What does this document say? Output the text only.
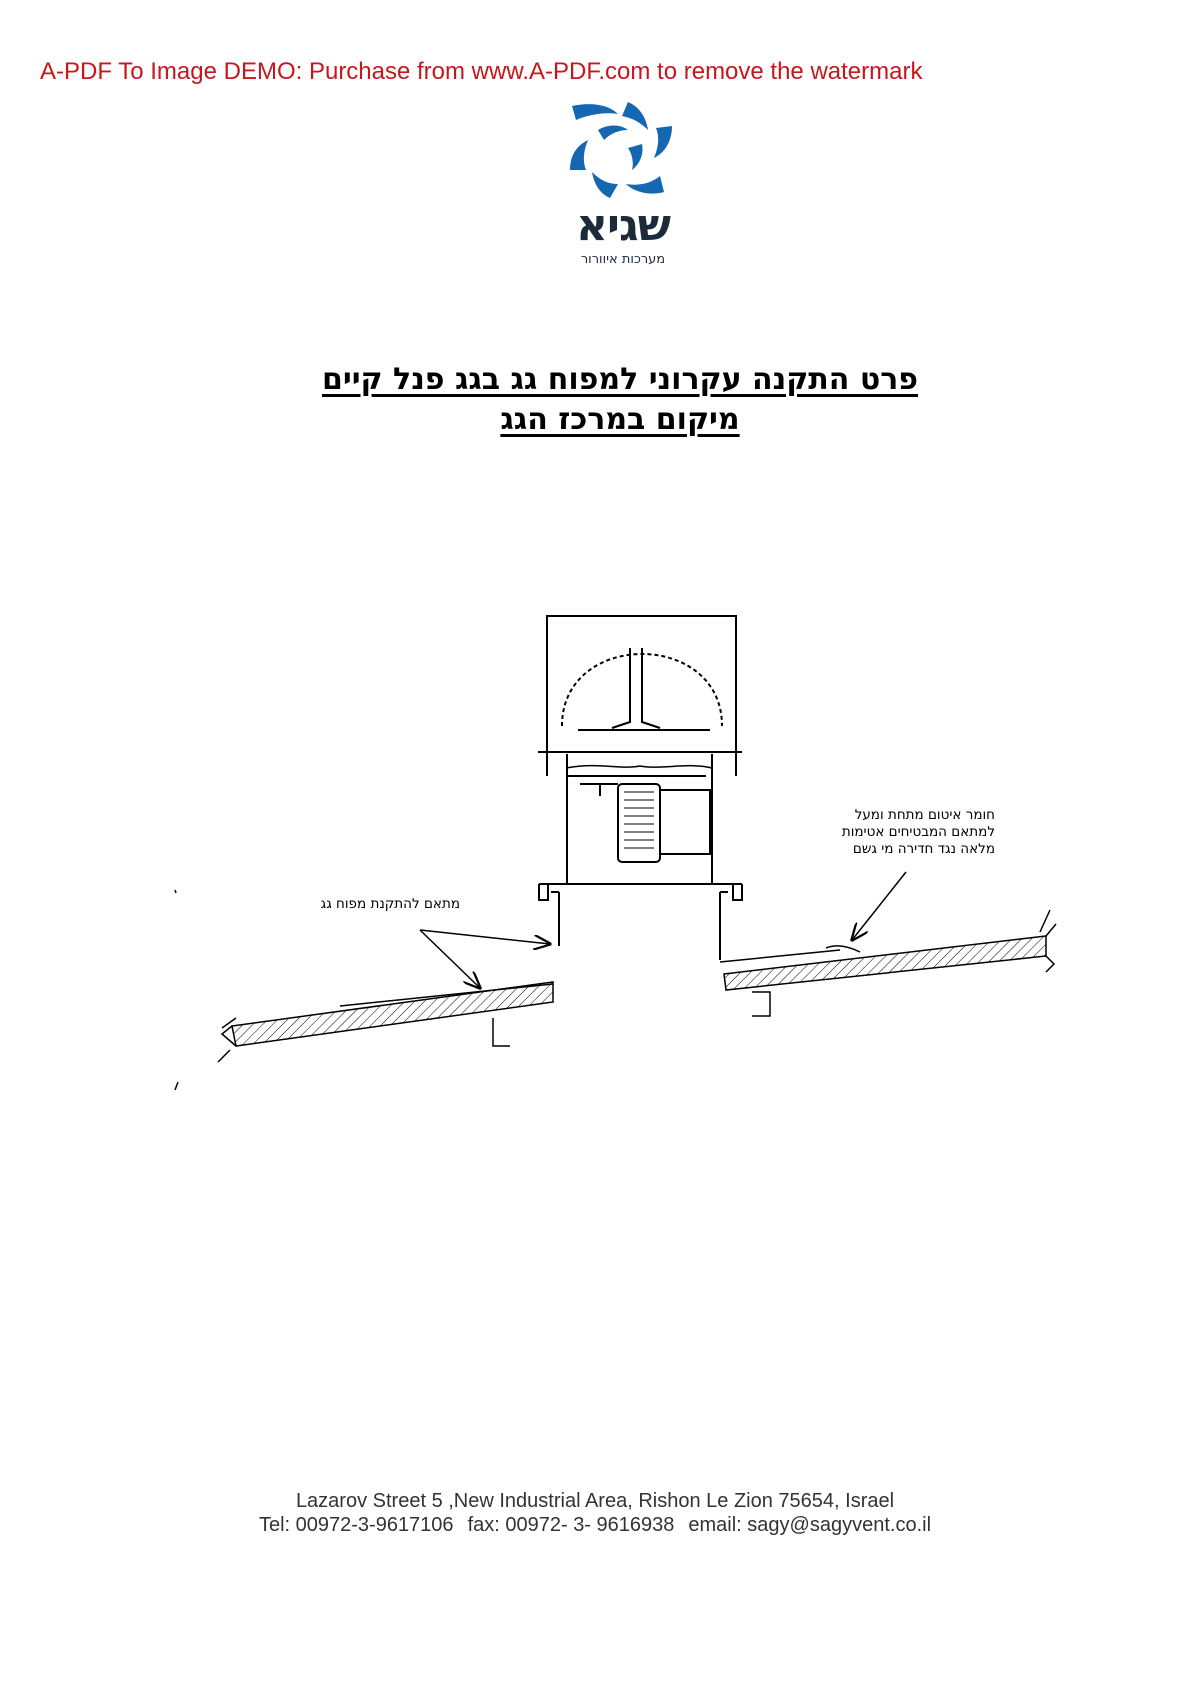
A-PDF To Image DEMO: Purchase from www.A-PDF.com to remove the watermark
שגיא
מערכות איוורור
פרט התקנה עקרוני למפוח גג בגג פנל קיים
מיקום במרכז הגג
מתאם להתקנת מפוח גג
חומר איטום מתחת ומעל
למתאם המבטיחים אטימות
מלאה נגד חדירה מי גשם
Lazarov Street 5 ,New Industrial Area, Rishon Le Zion 75654, Israel
Tel: 00972-3-9617106 fax: 00972- 3- 9616938 email: sagy@sagyvent.co.il
